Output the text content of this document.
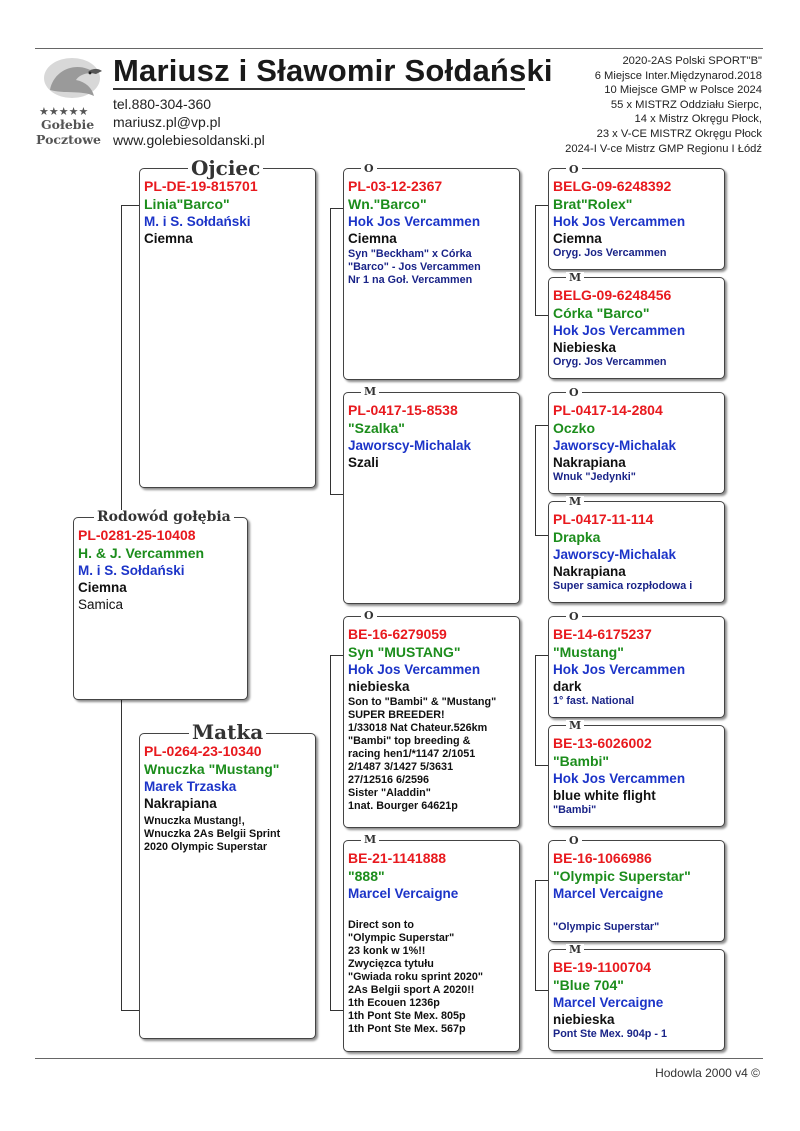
★★★★★
Gołebie
Pocztowe
Mariusz i Sławomir Sołdański
tel.880-304-360
mariusz.pl@vp.pl
www.golebiesoldanski.pl
2020-2AS Polski SPORT"B"
6 Miejsce Inter.Międzynarod.2018
10 Miejsce GMP w Polsce 2024
55 x MISTRZ Oddziału Sierpc,
14 x Mistrz Okręgu Płock,
23 x V-CE MISTRZ Okręgu Płock
2024-I V-ce Mistrz GMP Regionu I Łódź
PL-0281-25-10408
H. & J. Vercammen
M. i S. Sołdański
Ciemna
Samica
Rodowód gołębia
PL-DE-19-815701
Linia"Barco"
M. i S. Sołdański
Ciemna
Ojciec
PL-0264-23-10340
Wnuczka "Mustang"
Marek Trzaska
Nakrapiana
Wnuczka Mustang!,
Wnuczka 2As Belgii Sprint
2020 Olympic Superstar
Matka
PL-03-12-2367
Wn."Barco"
Hok Jos Vercammen
Ciemna
Syn "Beckham" x Córka
"Barco" - Jos Vercammen
Nr 1 na Goł. Vercammen
O
PL-0417-15-8538
"Szalka"
Jaworscy-Michalak
Szali
M
BE-16-6279059
Syn "MUSTANG"
Hok Jos Vercammen
niebieska
Son to "Bambi" & "Mustang"
SUPER BREEDER!
1/33018 Nat Chateur.526km
"Bambi" top breeding &
racing hen1/*1147 2/1051
2/1487 3/1427 5/3631
27/12516 6/2596
Sister "Aladdin"
1nat. Bourger 64621p
O
BE-21-1141888
"888"
Marcel Vercaigne
Direct son to
"Olympic Superstar"
23 konk w 1%!!
Zwycięzca tytułu
"Gwiada roku sprint 2020"
2As Belgii sport A 2020!!
1th Ecouen 1236p
1th Pont Ste Mex. 805p
1th Pont Ste Mex. 567p
M
BELG-09-6248392
Brat"Rolex"
Hok Jos Vercammen
Ciemna
Oryg. Jos Vercammen
O
BELG-09-6248456
Córka "Barco"
Hok Jos Vercammen
Niebieska
Oryg. Jos Vercammen
M
PL-0417-14-2804
Oczko
Jaworscy-Michalak
Nakrapiana
Wnuk "Jedynki"
O
PL-0417-11-114
Drapka
Jaworscy-Michalak
Nakrapiana
Super samica rozpłodowa i
M
BE-14-6175237
"Mustang"
Hok Jos Vercammen
dark
1° fast. National
O
BE-13-6026002
"Bambi"
Hok Jos Vercammen
blue white flight
"Bambi"
M
BE-16-1066986
"Olympic Superstar"
Marcel Vercaigne
"Olympic Superstar"
O
BE-19-1100704
"Blue 704"
Marcel Vercaigne
niebieska
Pont Ste Mex. 904p - 1
M
Hodowla 2000 v4 ©
